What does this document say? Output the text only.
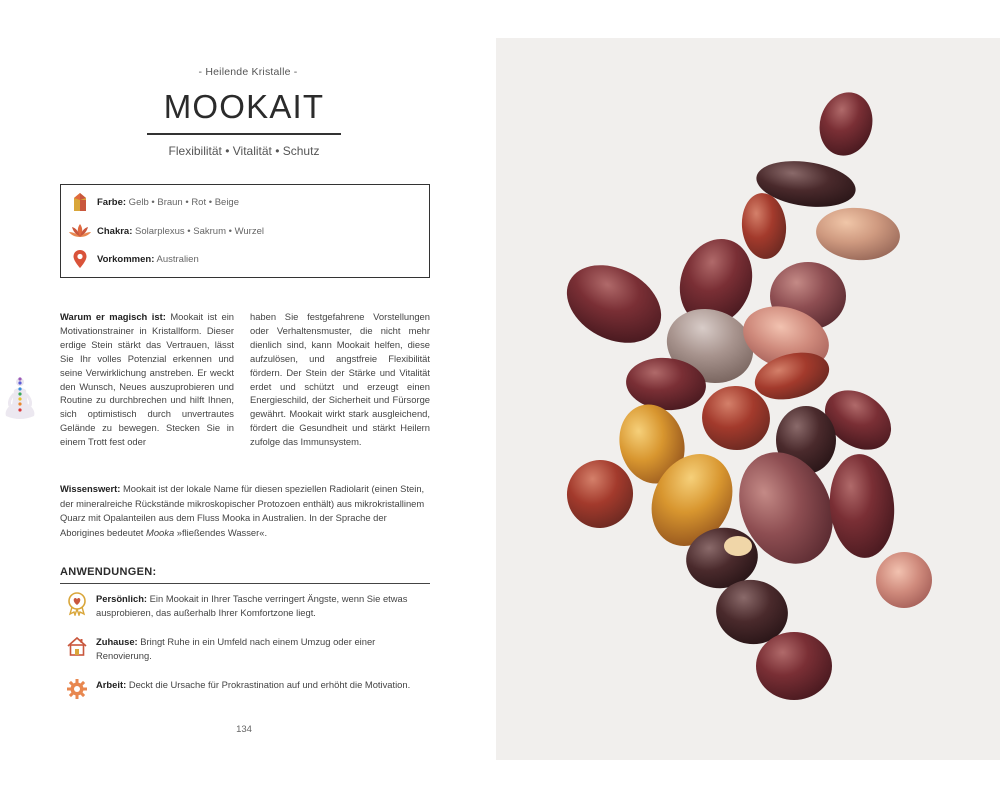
- Heilende Kristalle -
MOOKAIT
Flexibilität • Vitalität • Schutz
Farbe: Gelb • Braun • Rot • Beige
Chakra: Solarplexus • Sakrum • Wurzel
Vorkommen: Australien
Warum er magisch ist: Mookait ist ein Motivationstrainer in Kristallform. Dieser erdige Stein stärkt das Vertrauen, lässt Sie Ihr volles Potenzial erkennen und seine Verwirklichung anstreben. Er weckt den Wunsch, Neues auszuprobieren und Routine zu durchbrechen und hilft Ihnen, sich optimistisch durch unvertrautes Gelände zu bewegen. Stecken Sie in einem Trott fest oder
haben Sie festgefahrene Vorstellungen oder Verhaltensmuster, die nicht mehr dienlich sind, kann Mookait helfen, diese aufzulösen, und angstfreie Flexibilität fördern. Der Stein der Stärke und Vitalität erdet und schützt und erzeugt einen Energieschild, der Sicherheit und Fürsorge gewährt. Mookait wirkt stark ausgleichend, fördert die Gesundheit und stärkt Heilern zufolge das Immunsystem.
Wissenswert: Mookait ist der lokale Name für diesen speziellen Radiolarit (einen Stein, der mineralreiche Rückstände mikroskopischer Protozoen enthält) aus mikrokristallinem Quarz mit Opalanteilen aus dem Fluss Mooka in Australien. In der Sprache der Aborigines bedeutet Mooka »fließendes Wasser«.
ANWENDUNGEN:
Persönlich: Ein Mookait in Ihrer Tasche verringert Ängste, wenn Sie etwas ausprobieren, das außerhalb Ihrer Komfortzone liegt.
Zuhause: Bringt Ruhe in ein Umfeld nach einem Umzug oder einer Renovierung.
Arbeit: Deckt die Ursache für Prokrastination auf und erhöht die Motivation.
134
